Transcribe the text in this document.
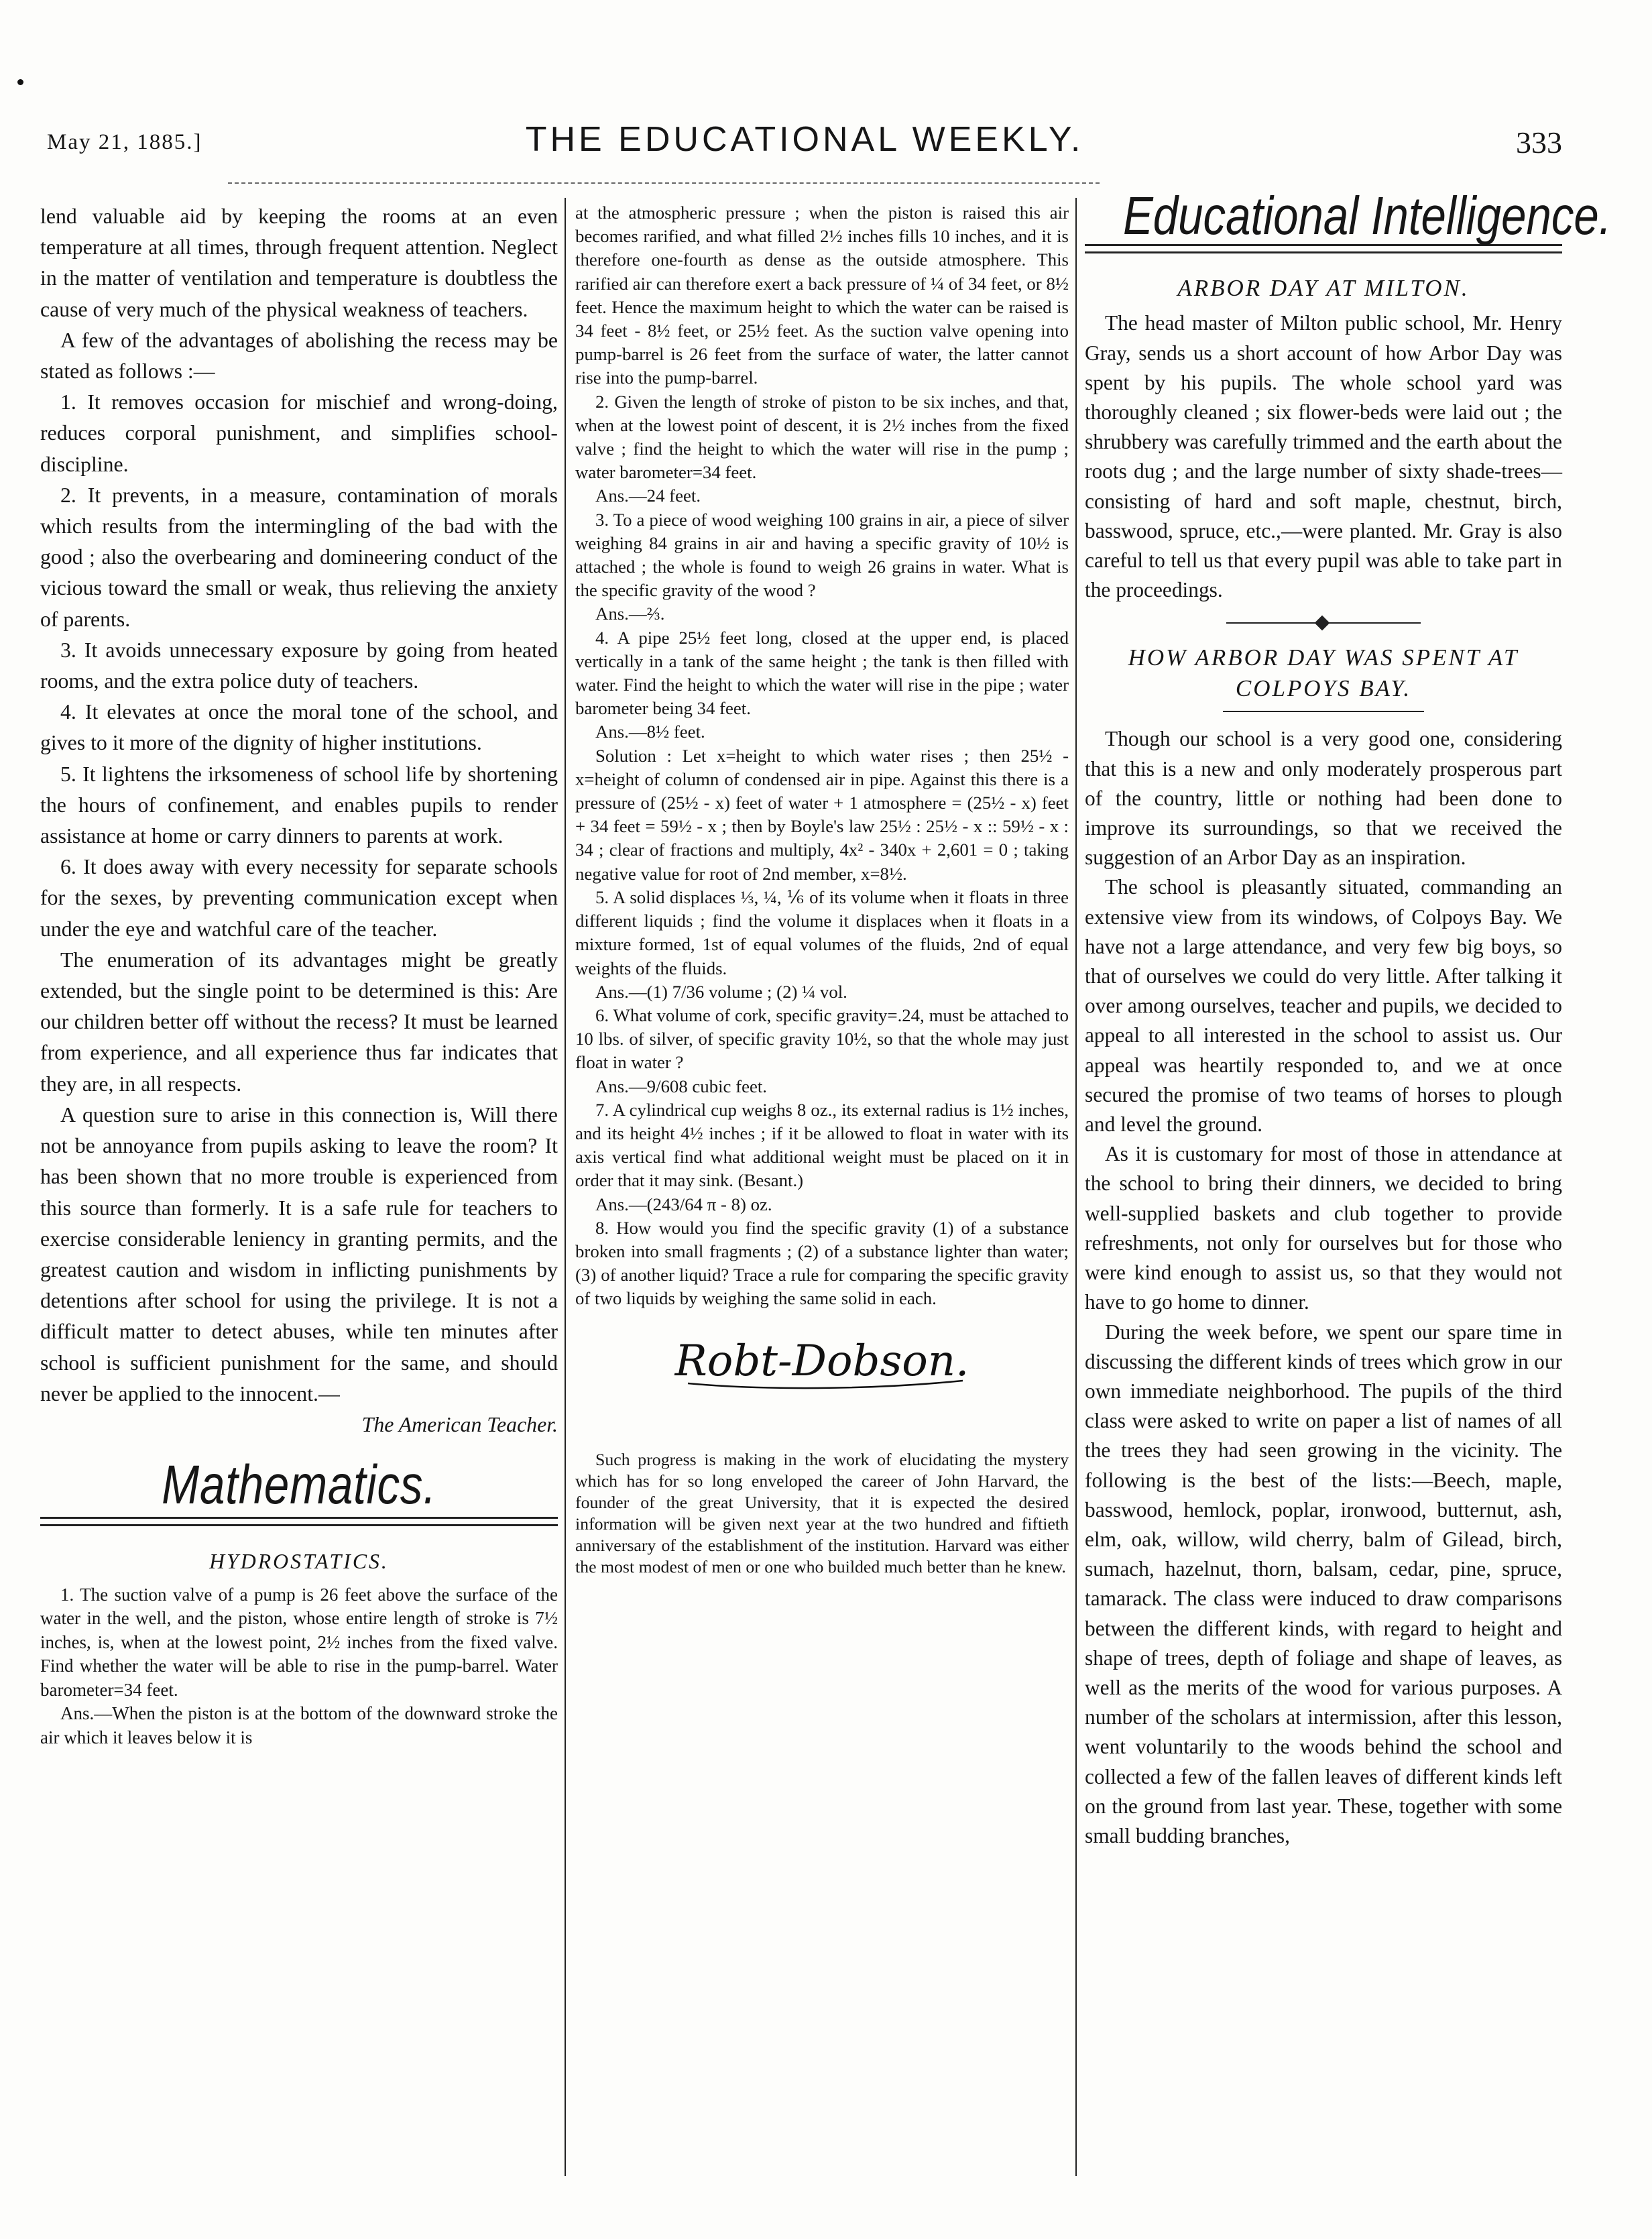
May 21, 1885.]	THE EDUCATIONAL WEEKLY.	333

lend valuable aid by keeping the rooms at an even temperature at all times, through frequent attention. Neglect in the matter of ventilation and temperature is doubtless the cause of very much of the physical weakness of teachers.

A few of the advantages of abolishing the recess may be stated as follows :—

1. It removes occasion for mischief and wrong-doing, reduces corporal punishment, and simplifies school-discipline.

2. It prevents, in a measure, contamination of morals which results from the intermingling of the bad with the good ; also the overbearing and domineering conduct of the vicious toward the small or weak, thus relieving the anxiety of parents.

3. It avoids unnecessary exposure by going from heated rooms, and the extra police duty of teachers.

4. It elevates at once the moral tone of the school, and gives to it more of the dignity of higher institutions.

5. It lightens the irksomeness of school life by shortening the hours of confinement, and enables pupils to render assistance at home or carry dinners to parents at work.

6. It does away with every necessity for separate schools for the sexes, by preventing communication except when under the eye and watchful care of the teacher.

The enumeration of its advantages might be greatly extended, but the single point to be determined is this: Are our children better off without the recess? It must be learned from experience, and all experience thus far indicates that they are, in all respects.

A question sure to arise in this connection is, Will there not be annoyance from pupils asking to leave the room? It has been shown that no more trouble is experienced from this source than formerly. It is a safe rule for teachers to exercise considerable leniency in granting permits, and the greatest caution and wisdom in inflicting punishments by detentions after school for using the privilege. It is not a difficult matter to detect abuses, while ten minutes after school is sufficient punishment for the same, and should never be applied to the innocent.—

The American Teacher.

Mathematics.

HYDROSTATICS.

1. The suction valve of a pump is 26 feet above the surface of the water in the well, and the piston, whose entire length of stroke is 7½ inches, is, when at the lowest point, 2½ inches from the fixed valve. Find whether the water will be able to rise in the pump-barrel. Water barometer=34 feet.

Ans.—When the piston is at the bottom of the downward stroke the air which it leaves below it is

at the atmospheric pressure ; when the piston is raised this air becomes rarified, and what filled 2½ inches fills 10 inches, and it is therefore one-fourth as dense as the outside atmosphere. This rarified air can therefore exert a back pressure of ¼ of 34 feet, or 8½ feet. Hence the maximum height to which the water can be raised is 34 feet - 8½ feet, or 25½ feet. As the suction valve opening into pump-barrel is 26 feet from the surface of water, the latter cannot rise into the pump-barrel.

2. Given the length of stroke of piston to be six inches, and that, when at the lowest point of descent, it is 2½ inches from the fixed valve ; find the height to which the water will rise in the pump ; water barometer=34 feet.

Ans.—24 feet.

3. To a piece of wood weighing 100 grains in air, a piece of silver weighing 84 grains in air and having a specific gravity of 10½ is attached ; the whole is found to weigh 26 grains in water. What is the specific gravity of the wood ?

Ans.—⅔.

4. A pipe 25½ feet long, closed at the upper end, is placed vertically in a tank of the same height ; the tank is then filled with water. Find the height to which the water will rise in the pipe ; water barometer being 34 feet.

Ans.—8½ feet.

Solution : Let x=height to which water rises ; then 25½ - x=height of column of condensed air in pipe. Against this there is a pressure of (25½ - x) feet of water + 1 atmosphere = (25½ - x) feet + 34 feet = 59½ - x ; then by Boyle's law 25½ : 25½ - x :: 59½ - x : 34 ; clear of fractions and multiply, 4x² - 340x + 2,601 = 0 ; taking negative value for root of 2nd member, x=8½.

5. A solid displaces ⅓, ¼, ⅙ of its volume when it floats in three different liquids ; find the volume it displaces when it floats in a mixture formed, 1st of equal volumes of the fluids, 2nd of equal weights of the fluids.

Ans.—(1) 7/36 volume ; (2) ¼ vol.

6. What volume of cork, specific gravity=.24, must be attached to 10 lbs. of silver, of specific gravity 10½, so that the whole may just float in water ?

Ans.—9/608 cubic feet.

7. A cylindrical cup weighs 8 oz., its external radius is 1½ inches, and its height 4½ inches ; if it be allowed to float in water with its axis vertical find what additional weight must be placed on it in order that it may sink. (Besant.)

Ans.—(243/64 π - 8) oz.

8. How would you find the specific gravity (1) of a substance broken into small fragments ; (2) of a substance lighter than water; (3) of another liquid? Trace a rule for comparing the specific gravity of two liquids by weighing the same solid in each.

Robt-Dobson.

Such progress is making in the work of elucidating the mystery which has for so long enveloped the career of John Harvard, the founder of the great University, that it is expected the desired information will be given next year at the two hundred and fiftieth anniversary of the establishment of the institution. Harvard was either the most modest of men or one who builded much better than he knew.

Educational Intelligence.

ARBOR DAY AT MILTON.

The head master of Milton public school, Mr. Henry Gray, sends us a short account of how Arbor Day was spent by his pupils. The whole school yard was thoroughly cleaned ; six flower-beds were laid out ; the shrubbery was carefully trimmed and the earth about the roots dug ; and the large number of sixty shade-trees—consisting of hard and soft maple, chestnut, birch, basswood, spruce, etc.,—were planted. Mr. Gray is also careful to tell us that every pupil was able to take part in the proceedings.

HOW ARBOR DAY WAS SPENT AT COLPOYS BAY.

Though our school is a very good one, considering that this is a new and only moderately prosperous part of the country, little or nothing had been done to improve its surroundings, so that we received the suggestion of an Arbor Day as an inspiration.

The school is pleasantly situated, commanding an extensive view from its windows, of Colpoys Bay. We have not a large attendance, and very few big boys, so that of ourselves we could do very little. After talking it over among ourselves, teacher and pupils, we decided to appeal to all interested in the school to assist us. Our appeal was heartily responded to, and we at once secured the promise of two teams of horses to plough and level the ground.

As it is customary for most of those in attendance at the school to bring their dinners, we decided to bring well-supplied baskets and club together to provide refreshments, not only for ourselves but for those who were kind enough to assist us, so that they would not have to go home to dinner.

During the week before, we spent our spare time in discussing the different kinds of trees which grow in our own immediate neighborhood. The pupils of the third class were asked to write on paper a list of names of all the trees they had seen growing in the vicinity. The following is the best of the lists:—Beech, maple, basswood, hemlock, poplar, ironwood, butternut, ash, elm, oak, willow, wild cherry, balm of Gilead, birch, sumach, hazelnut, thorn, balsam, cedar, pine, spruce, tamarack. The class were induced to draw comparisons between the different kinds, with regard to height and shape of trees, depth of foliage and shape of leaves, as well as the merits of the wood for various purposes. A number of the scholars at intermission, after this lesson, went voluntarily to the woods behind the school and collected a few of the fallen leaves of different kinds left on the ground from last year. These, together with some small budding branches,
